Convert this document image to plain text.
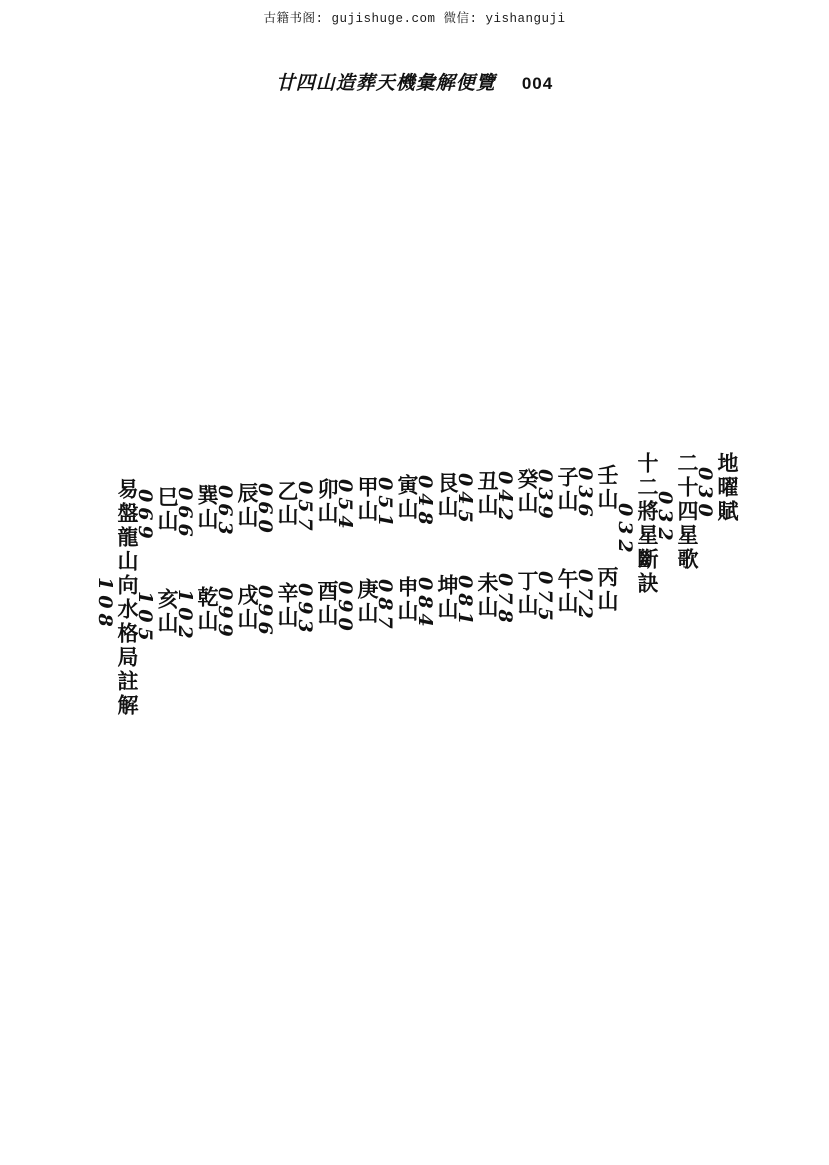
古籍书阁: gujishuge.com 微信: yishanguji
廿四山造葬天機彙解便覽 004
地曜賦
030
二十四星歌
032
十二將星斷訣
032
壬山
036
丙山
072
子山
039
午山
075
癸山
042
丁山
078
丑山
045
未山
081
艮山
048
坤山
084
寅山
051
申山
087
甲山
054
庚山
090
卯山
057
酉山
093
乙山
060
辛山
096
辰山
063
戌山
099
巽山
066
乾山
102
巳山
069
亥山
105
易盤龍山向水格局註解
108
